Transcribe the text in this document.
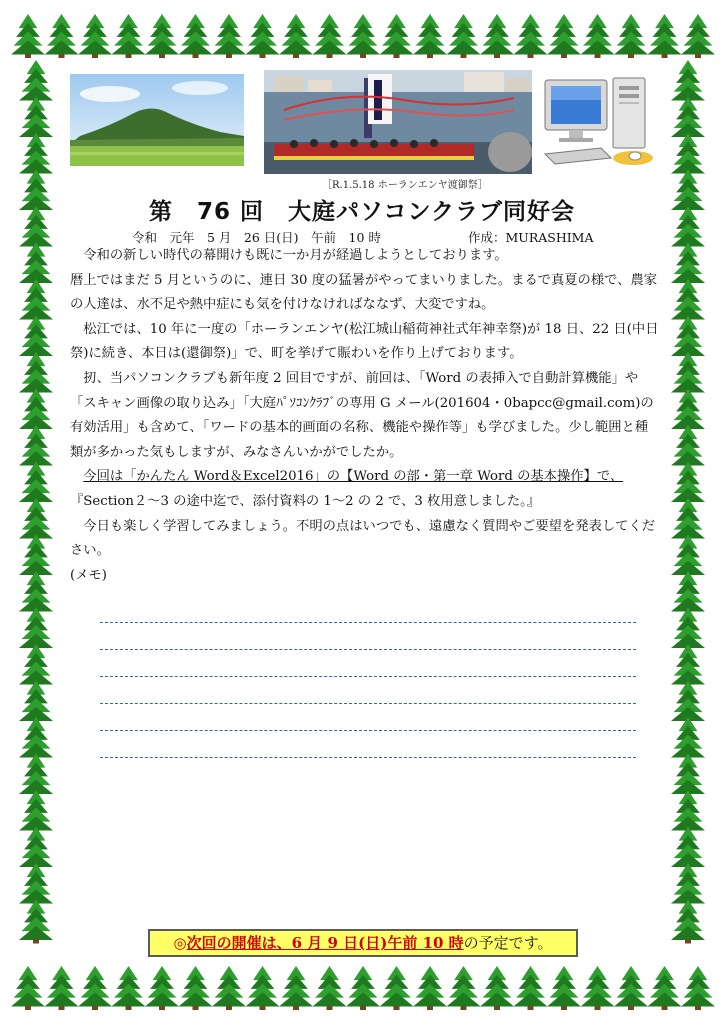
［R.1.5.18 ホーランエンヤ渡御祭］
第　76 回　大庭パソコンクラブ同好会
令和　元年　5 月　26 日(日)　午前　10 時	作成：MURASHIMA

令和の新しい時代の幕開けも既に一か月が経過しようとしております。

暦上ではまだ 5 月というのに、連日 30 度の猛暑がやってまいりました。まるで真夏の様で、農家の人達は、水不足や熱中症にも気を付けなければななず、大変ですね。

松江では、10 年に一度の「ホーランエンヤ(松江城山稲荷神社式年神幸祭)が 18 日、22 日(中日祭)に続き、本日は(還御祭)」で、町を挙げて賑わいを作り上げております。

扨、当パソコンクラブも新年度 2 回目ですが、前回は、「Word の表挿入で自動計算機能」や「スキャン画像の取り込み」「大庭ﾊﾟｿｺﾝｸﾗﾌﾞの専用 G メール(201604・0bapcc@gmail.com)の有効活用」も含めて、「ワードの基本的画面の名称、機能や操作等」も学びました。少し範囲と種類が多かった気もしますが、みなさんいかがでしたか。

今回は「かんたん Word＆Excel2016」の【Word の部・第一章 Word の基本操作】で、『Section２～3 の途中迄で、添付資料の 1～2 の 2 で、3 枚用意しました。』

今日も楽しく学習してみましょう。不明の点はいつでも、遠慮なく質問やご要望を発表してください。

(メモ)

◎次回の開催は、6 月 9 日(日)午前 10 時の予定です。
